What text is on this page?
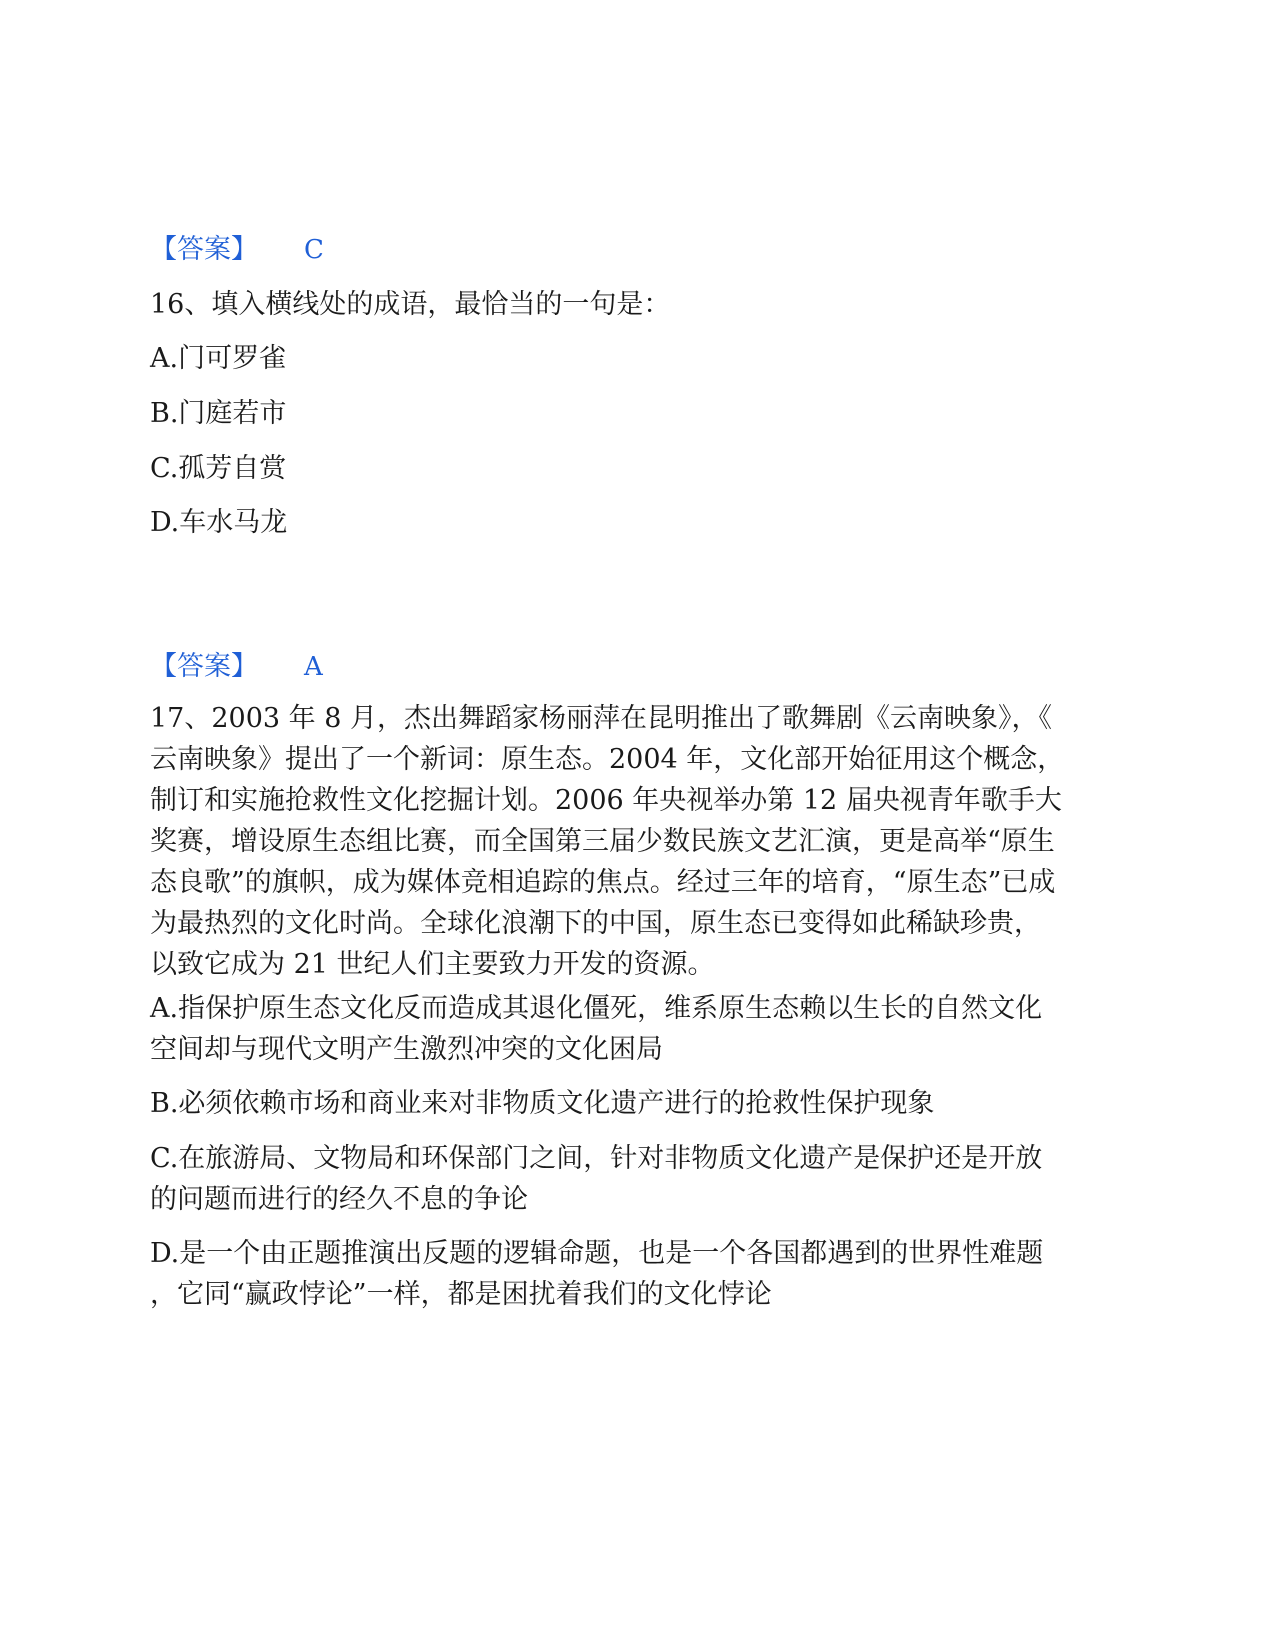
【答案】 C
16、填入横线处的成语，最恰当的一句是：
A.门可罗雀
B.门庭若市
C.孤芳自赏
D.车水马龙
【答案】 A
17、2003 年 8 月，杰出舞蹈家杨丽萍在昆明推出了歌舞剧《云南映象》，《
云南映象》提出了一个新词：原生态。2004 年，文化部开始征用这个概念，
制订和实施抢救性文化挖掘计划。2006 年央视举办第 12 届央视青年歌手大
奖赛，增设原生态组比赛，而全国第三届少数民族文艺汇演，更是高举“原生
态良歌”的旗帜，成为媒体竞相追踪的焦点。经过三年的培育，“原生态”已成
为最热烈的文化时尚。全球化浪潮下的中国，原生态已变得如此稀缺珍贵，
以致它成为 21 世纪人们主要致力开发的资源。
A.指保护原生态文化反而造成其退化僵死，维系原生态赖以生长的自然文化
空间却与现代文明产生激烈冲突的文化困局
B.必须依赖市场和商业来对非物质文化遗产进行的抢救性保护现象
C.在旅游局、文物局和环保部门之间，针对非物质文化遗产是保护还是开放
的问题而进行的经久不息的争论
D.是一个由正题推演出反题的逻辑命题，也是一个各国都遇到的世界性难题
，它同“赢政悖论”一样，都是困扰着我们的文化悖论
